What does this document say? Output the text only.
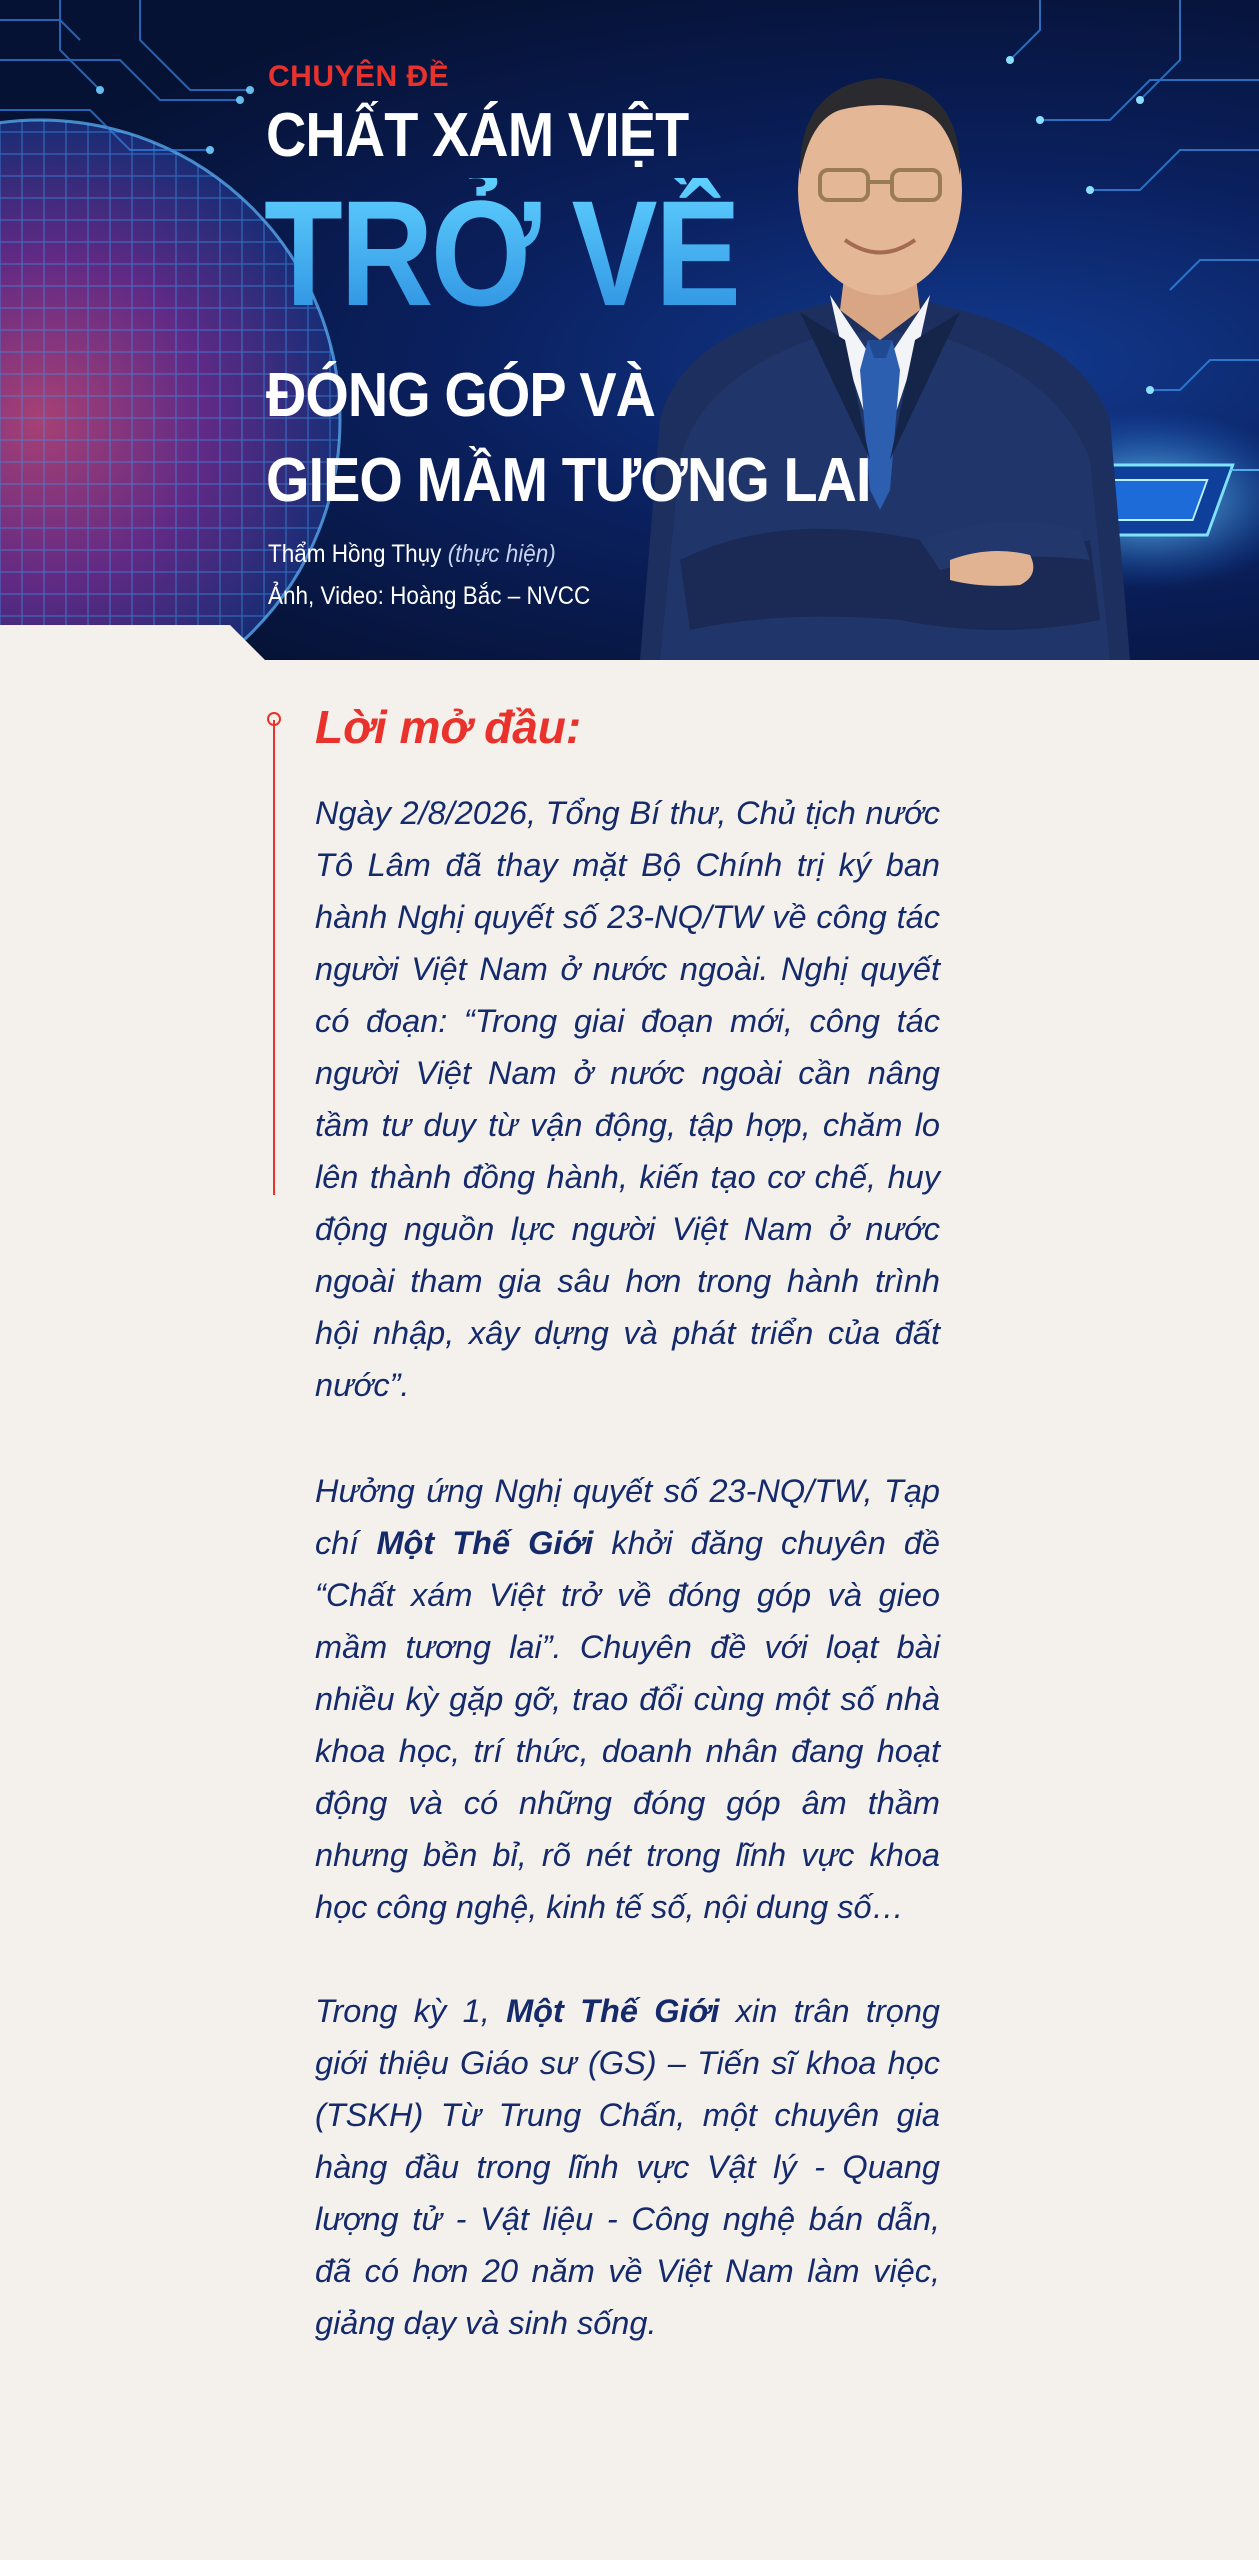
CHUYÊN ĐỀ
CHẤT XÁM VIỆT
TRỞ VỀ
ĐÓNG GÓP VÀ
GIEO MẦM TƯƠNG LAI
Thẩm Hồng Thụy (thực hiện)
Ảnh, Video: Hoàng Bắc – NVCC
Lời mở đầu:

Ngày 2/8/2026, Tổng Bí thư, Chủ tịch nước Tô Lâm đã thay mặt Bộ Chính trị ký ban hành Nghị quyết số 23-NQ/TW về công tác người Việt Nam ở nước ngoài. Nghị quyết có đoạn: “Trong giai đoạn mới, công tác người Việt Nam ở nước ngoài cần nâng tầm tư duy từ vận động, tập hợp, chăm lo lên thành đồng hành, kiến tạo cơ chế, huy động nguồn lực người Việt Nam ở nước ngoài tham gia sâu hơn trong hành trình hội nhập, xây dựng và phát triển của đất nước”.

Hưởng ứng Nghị quyết số 23-NQ/TW, Tạp chí Một Thế Giới khởi đăng chuyên đề “Chất xám Việt trở về đóng góp và gieo mầm tương lai”. Chuyên đề với loạt bài nhiều kỳ gặp gỡ, trao đổi cùng một số nhà khoa học, trí thức, doanh nhân đang hoạt động và có những đóng góp âm thầm nhưng bền bỉ, rõ nét trong lĩnh vực khoa học công nghệ, kinh tế số, nội dung số…

Trong kỳ 1, Một Thế Giới xin trân trọng giới thiệu Giáo sư (GS) – Tiến sĩ khoa học (TSKH) Từ Trung Chấn, một chuyên gia hàng đầu trong lĩnh vực Vật lý - Quang lượng tử - Vật liệu - Công nghệ bán dẫn, đã có hơn 20 năm về Việt Nam làm việc, giảng dạy và sinh sống.
